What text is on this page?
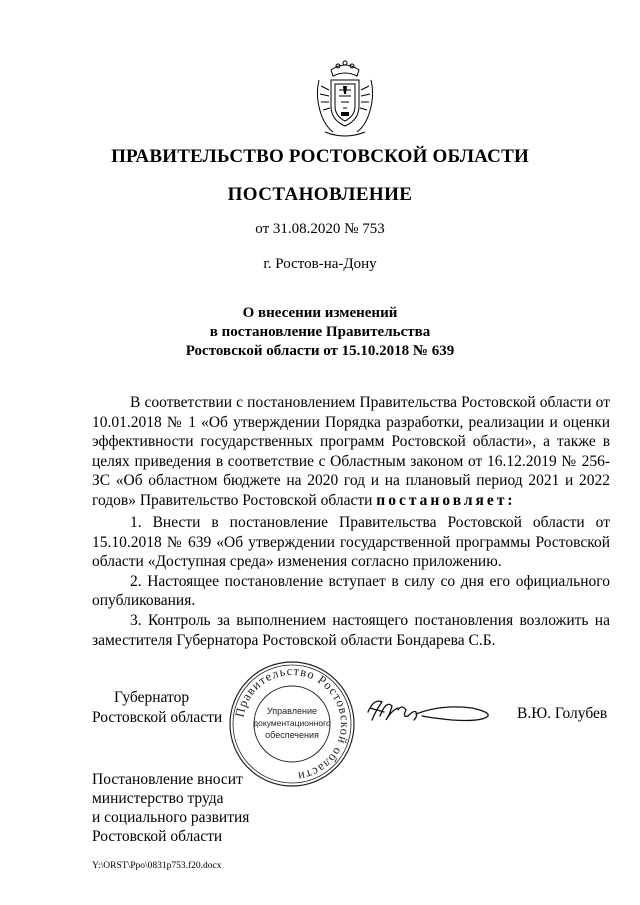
ПРАВИТЕЛЬСТВО РОСТОВСКОЙ ОБЛАСТИ
ПОСТАНОВЛЕНИЕ
от 31.08.2020 № 753
г. Ростов-на-Дону
О внесении изменений
в постановление Правительства
Ростовской области от 15.10.2018 № 639
В соответствии с постановлением Правительства Ростовской области от 10.01.2018 № 1 «Об утверждении Порядка разработки, реализации и оценки эффективности государственных программ Ростовской области», а также в целях приведения в соответствие с Областным законом от 16.12.2019 № 256-ЗС «Об областном бюджете на 2020 год и на плановый период 2021 и 2022 годов» Правительство Ростовской области постановляет:
1. Внести в постановление Правительства Ростовской области от 15.10.2018 № 639 «Об утверждении государственной программы Ростовской области «Доступная среда» изменения согласно приложению.
2. Настоящее постановление вступает в силу со дня его официального опубликования.
3. Контроль за выполнением настоящего постановления возложить на заместителя Губернатора Ростовской области Бондарева С.Б.
Губернатор
Ростовской области Правительство Ростовской области
Управление
документационного
обеспечения
В.Ю. Голубев
Постановление вносит
министерство труда
и социального развития
Ростовской области
Y:\ORST\Ppo\0831p753.f20.docx
